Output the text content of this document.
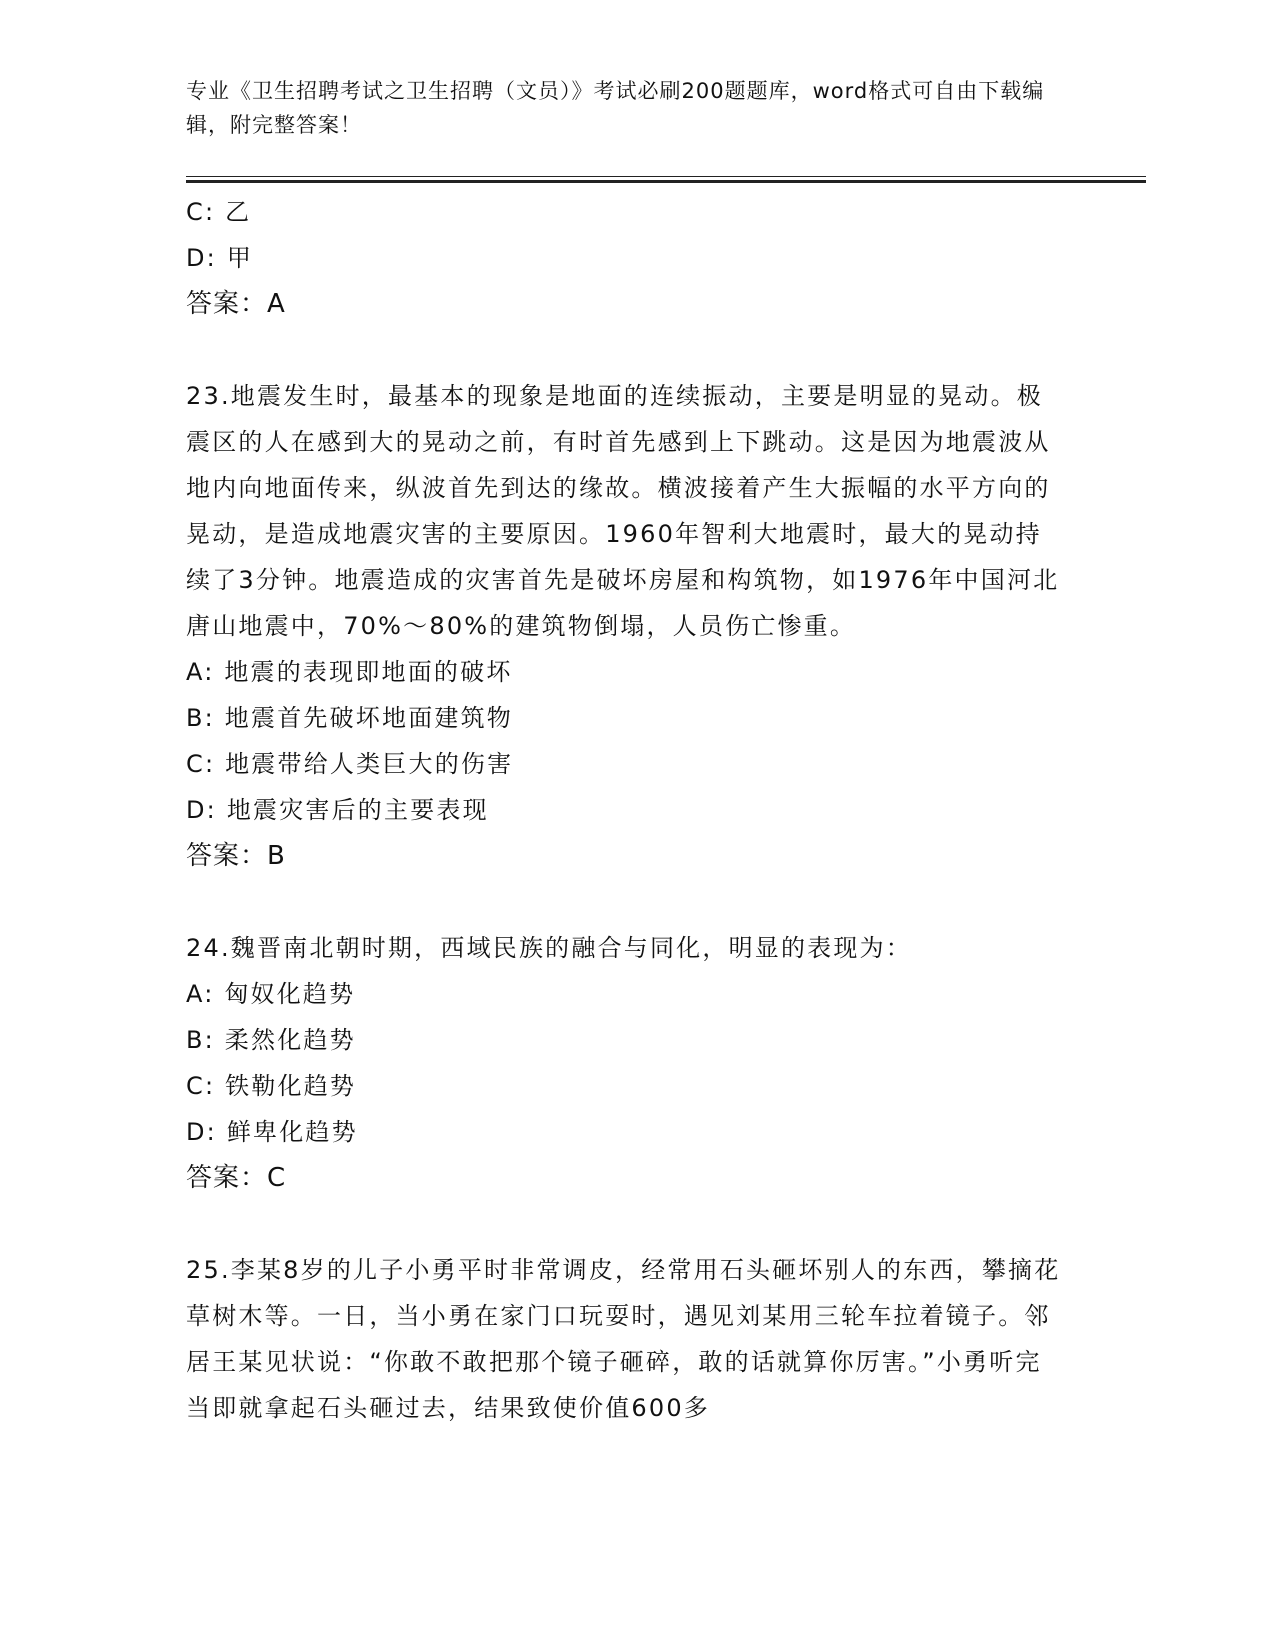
专业《卫生招聘考试之卫生招聘（文员）》考试必刷200题题库，word格式可自由下载编辑，附完整答案！
C: 乙
D: 甲
答案：A
23.地震发生时，最基本的现象是地面的连续振动，主要是明显的晃动。极震区的人在感到大的晃动之前，有时首先感到上下跳动。这是因为地震波从地内向地面传来，纵波首先到达的缘故。横波接着产生大振幅的水平方向的晃动，是造成地震灾害的主要原因。1960年智利大地震时，最大的晃动持续了3分钟。地震造成的灾害首先是破坏房屋和构筑物，如1976年中国河北唐山地震中，70%～80%的建筑物倒塌，人员伤亡惨重。
A: 地震的表现即地面的破坏
B: 地震首先破坏地面建筑物
C: 地震带给人类巨大的伤害
D: 地震灾害后的主要表现
答案：B
24.魏晋南北朝时期，西域民族的融合与同化，明显的表现为：
A: 匈奴化趋势
B: 柔然化趋势
C: 铁勒化趋势
D: 鲜卑化趋势
答案：C
25.李某8岁的儿子小勇平时非常调皮，经常用石头砸坏别人的东西，攀摘花草树木等。一日，当小勇在家门口玩耍时，遇见刘某用三轮车拉着镜子。邻居王某见状说：“你敢不敢把那个镜子砸碎，敢的话就算你厉害。”小勇听完当即就拿起石头砸过去，结果致使价值600多
